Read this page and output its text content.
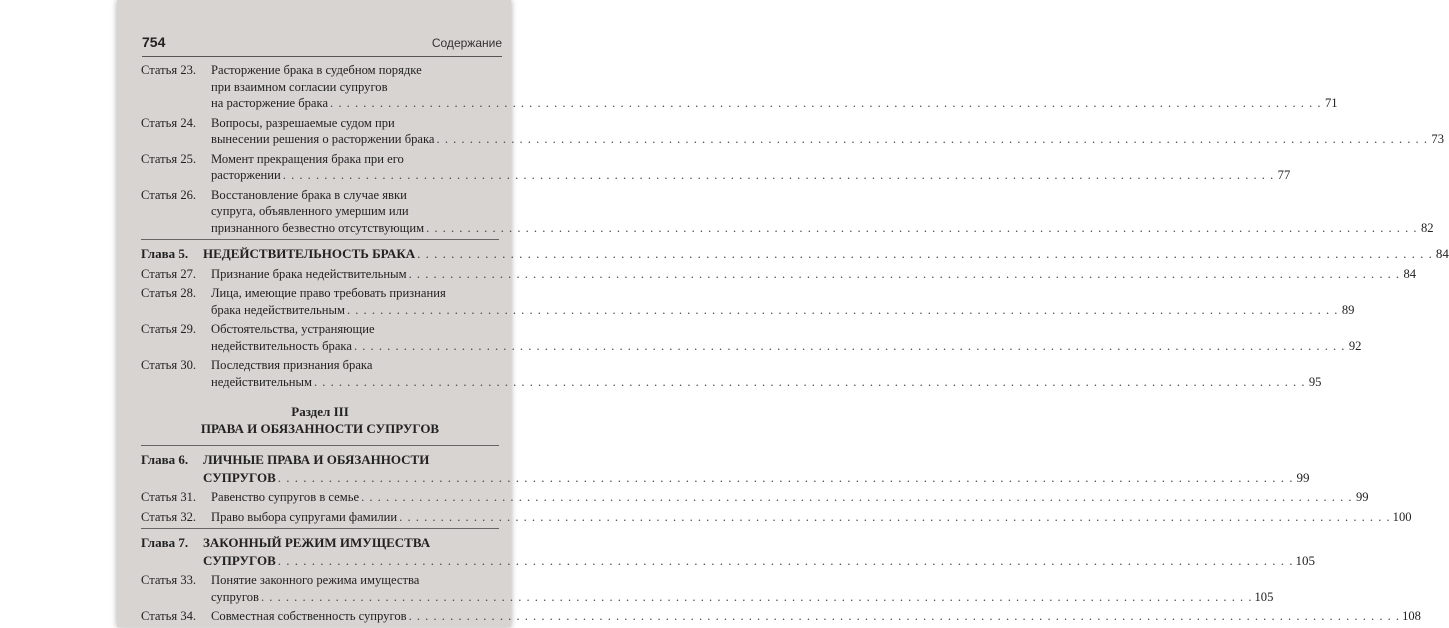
754	Содержание
Статья 23.	Расторжение брака в судебном порядке
при взаимном согласии супругов
на расторжение брака . . . . . . . . . . . . . . . . . . . . . . . . . . . . . . . . . . . . . . . . . . . . . . . . . . . . . . . . . . . . . . . . . . . . . . . . . . . . . . . . . . . . . . . . . . . . . . . . . . . . . . . . . . . . . . . . . . . . . . . . 71
Статья 24.	Вопросы, разрешаемые судом при
вынесении решения о расторжении брака . . . . . . . . . . . . . . . . . . . . . . . . . . . . . . . . . . . . . . . . . . . . . . . . . . . . . . . . . . . . . . . . . . . . . . . . . . . . . . . . . . . . . . . . . . . . . . . . . . . . . . . . . . . . . . . . . . . . . . . . 73
Статья 25.	Момент прекращения брака при его
расторжении . . . . . . . . . . . . . . . . . . . . . . . . . . . . . . . . . . . . . . . . . . . . . . . . . . . . . . . . . . . . . . . . . . . . . . . . . . . . . . . . . . . . . . . . . . . . . . . . . . . . . . . . . . . . . . . . . . . . . . . . 77
Статья 26.	Восстановление брака в случае явки
супруга, объявленного умершим или
признанного безвестно отсутствующим . . . . . . . . . . . . . . . . . . . . . . . . . . . . . . . . . . . . . . . . . . . . . . . . . . . . . . . . . . . . . . . . . . . . . . . . . . . . . . . . . . . . . . . . . . . . . . . . . . . . . . . . . . . . . . . . . . . . . . . . 82
Глава 5. НЕДЕЙСТВИТЕЛЬНОСТЬ БРАКА . . . . . . . . . . . . . . . . . . . . . . . . . . . . . . . . . . . . . . . . . . . . . . . . . . . . . . . . . . . . . . . . . . . . . . . . . . . . . . . . . . . . . . . . . . . . . . . . . . . . . . . . . . . . . . . . . . . . . . . . 84
Статья 27.	Признание брака недействительным . . . . . . . . . . . . . . . . . . . . . . . . . . . . . . . . . . . . . . . . . . . . . . . . . . . . . . . . . . . . . . . . . . . . . . . . . . . . . . . . . . . . . . . . . . . . . . . . . . . . . . . . . . . . . . . . . . . . . . . . 84
Статья 28.	Лица, имеющие право требовать признания
брака недействительным . . . . . . . . . . . . . . . . . . . . . . . . . . . . . . . . . . . . . . . . . . . . . . . . . . . . . . . . . . . . . . . . . . . . . . . . . . . . . . . . . . . . . . . . . . . . . . . . . . . . . . . . . . . . . . . . . . . . . . . . 89
Статья 29.	Обстоятельства, устраняющие
недействительность брака . . . . . . . . . . . . . . . . . . . . . . . . . . . . . . . . . . . . . . . . . . . . . . . . . . . . . . . . . . . . . . . . . . . . . . . . . . . . . . . . . . . . . . . . . . . . . . . . . . . . . . . . . . . . . . . . . . . . . . . . 92
Статья 30.	Последствия признания брака
недействительным . . . . . . . . . . . . . . . . . . . . . . . . . . . . . . . . . . . . . . . . . . . . . . . . . . . . . . . . . . . . . . . . . . . . . . . . . . . . . . . . . . . . . . . . . . . . . . . . . . . . . . . . . . . . . . . . . . . . . . . . 95
Раздел III
ПРАВА И ОБЯЗАННОСТИ СУПРУГОВ
Глава 6. ЛИЧНЫЕ ПРАВА И ОБЯЗАННОСТИ
СУПРУГОВ . . . . . . . . . . . . . . . . . . . . . . . . . . . . . . . . . . . . . . . . . . . . . . . . . . . . . . . . . . . . . . . . . . . . . . . . . . . . . . . . . . . . . . . . . . . . . . . . . . . . . . . . . . . . . . . . . . . . . . . . 99
Статья 31.	Равенство супругов в семье . . . . . . . . . . . . . . . . . . . . . . . . . . . . . . . . . . . . . . . . . . . . . . . . . . . . . . . . . . . . . . . . . . . . . . . . . . . . . . . . . . . . . . . . . . . . . . . . . . . . . . . . . . . . . . . . . . . . . . . . 99
Статья 32.	Право выбора супругами фамилии . . . . . . . . . . . . . . . . . . . . . . . . . . . . . . . . . . . . . . . . . . . . . . . . . . . . . . . . . . . . . . . . . . . . . . . . . . . . . . . . . . . . . . . . . . . . . . . . . . . . . . . . . . . . . . . . . . . . . . . . 100
Глава 7. ЗАКОННЫЙ РЕЖИМ ИМУЩЕСТВА
СУПРУГОВ . . . . . . . . . . . . . . . . . . . . . . . . . . . . . . . . . . . . . . . . . . . . . . . . . . . . . . . . . . . . . . . . . . . . . . . . . . . . . . . . . . . . . . . . . . . . . . . . . . . . . . . . . . . . . . . . . . . . . . . . 105
Статья 33.	Понятие законного режима имущества
супругов . . . . . . . . . . . . . . . . . . . . . . . . . . . . . . . . . . . . . . . . . . . . . . . . . . . . . . . . . . . . . . . . . . . . . . . . . . . . . . . . . . . . . . . . . . . . . . . . . . . . . . . . . . . . . . . . . . . . . . . . 105
Статья 34.	Совместная собственность супругов . . . . . . . . . . . . . . . . . . . . . . . . . . . . . . . . . . . . . . . . . . . . . . . . . . . . . . . . . . . . . . . . . . . . . . . . . . . . . . . . . . . . . . . . . . . . . . . . . . . . . . . . . . . . . . . . . . . . . . . . 108
